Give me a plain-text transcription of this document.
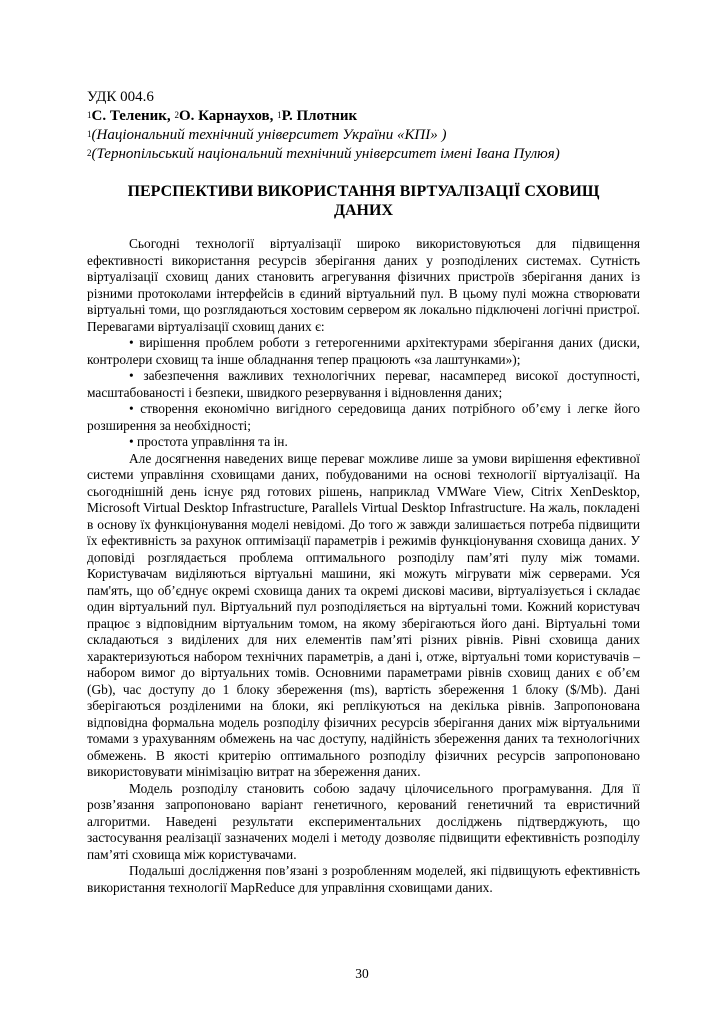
УДК 004.6
$^1$С. Теленик, $^2$О. Карнаухов, $^1$Р. Плотник
$^1$(Національний технічний університет України «КПІ» )
$^2$(Тернопільський національний технічний університет імені Івана Пулюя)
ПЕРСПЕКТИВИ ВИКОРИСТАННЯ ВІРТУАЛІЗАЦІЇ СХОВИЩ ДАНИХ

Сьогодні технології віртуалізації широко використовуються для підвищення ефективності використання ресурсів зберігання даних у розподілених системах. Сутність віртуалізації сховищ даних становить агрегування фізичних пристроїв зберігання даних із різними протоколами інтерфейсів в єдиний віртуальний пул. В цьому пулі можна створювати віртуальні томи, що розглядаються хостовим сервером як локально підключені логічні пристрої. Перевагами віртуалізації сховищ даних є:

• вирішення проблем роботи з гетерогенними архітектурами зберігання даних (диски, контролери сховищ та інше обладнання тепер працюють «за лаштунками»);

• забезпечення важливих технологічних переваг, насамперед високої доступності, масштабованості і безпеки, швидкого резервування і відновлення даних;

• створення економічно вигідного середовища даних потрібного об’єму і легке його розширення за необхідності;

• простота управління та ін.

Але досягнення наведених вище переваг можливе лише за умови вирішення ефективної системи управління сховищами даних, побудованими на основі технології віртуалізації. На сьогоднішній день існує ряд готових рішень, наприклад VMWare View, Citrix XenDesktop, Microsoft Virtual Desktop Infrastructure, Parallels Virtual Desktop Infrastructure. На жаль, покладені в основу їх функціонування моделі невідомі. До того ж завжди залишається потреба підвищити їх ефективність за рахунок оптимізації параметрів і режимів функціонування сховища даних. У доповіді розглядається проблема оптимального розподілу пам’яті пулу між томами. Користувачам виділяються віртуальні машини, які можуть мігрувати між серверами. Уся пам'ять, що об’єднує окремі сховища даних та окремі дискові масиви, віртуалізується і складає один віртуальний пул. Віртуальний пул розподіляється на віртуальні томи. Кожний користувач працює з відповідним віртуальним томом, на якому зберігаються його дані. Віртуальні томи складаються з виділених для них елементів пам’яті різних рівнів. Рівні сховища даних характеризуються набором технічних параметрів, а дані і, отже, віртуальні томи користувачів – набором вимог до віртуальних томів. Основними параметрами рівнів сховищ даних є об’єм (Gb), час доступу до 1 блоку збереження (ms), вартість збереження 1 блоку ($/Mb). Дані зберігаються розділеними на блоки, які реплікуються на декілька рівнів. Запропонована відповідна формальна модель розподілу фізичних ресурсів зберігання даних між віртуальними томами з урахуванням обмежень на час доступу, надійність збереження даних та технологічних обмежень. В якості критерію оптимального розподілу фізичних ресурсів запропоновано використовувати мінімізацію витрат на збереження даних.

Модель розподілу становить собою задачу цілочисельного програмування. Для її розв’язання запропоновано варіант генетичного, керований генетичний та евристичний алгоритми. Наведені результати експериментальних досліджень підтверджують, що застосування реалізації зазначених моделі і методу дозволяє підвищити ефективність розподілу пам’яті сховища між користувачами.

Подальші дослідження пов’язані з розробленням моделей, які підвищують ефективність використання технології MapReduce для управління сховищами даних.

30
